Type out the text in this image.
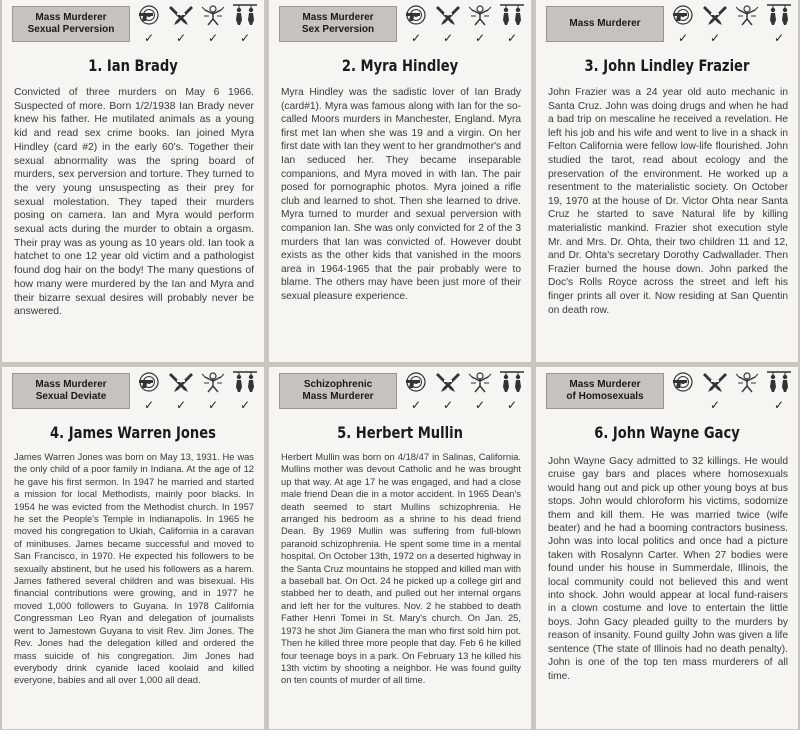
Mass Murderer
Sexual Perversion
✓ ✓ ✓ ✓
1. Ian Brady
Convicted of three murders on May 6 1966. Suspected of more. Born 1/2/1938 Ian Brady never knew his father. He mutilated animals as a young kid and read sex crime books. Ian joined Myra Hindley (card #2) in the early 60's. Together their sexual abnormality was the spring board of murders, sex perversion and torture. They turned to the very young unsuspecting as their prey for sexual molestation. They taped their murders posing on camera. Ian and Myra would perform sexual acts during the murder to obtain a orgasm. Their pray was as young as 10 years old. Ian took a hatchet to one 12 year old victim and a pathologist found dog hair on the body! The many questions of how many were murdered by the Ian and Myra and their bizarre sexual desires will probably never be answered.
Mass Murderer
Sex Perversion
✓ ✓ ✓ ✓
2. Myra Hindley
Myra Hindley was the sadistic lover of Ian Brady (card#1). Myra was famous along with Ian for the so-called Moors murders in Manchester, England. Myra first met Ian when she was 19 and a virgin. On her first date with Ian they went to her grandmother's and Ian seduced her. They became inseparable companions, and Myra moved in with Ian. The pair posed for pornographic photos. Myra joined a rifle club and learned to shot. Then she learned to drive. Myra turned to murder and sexual perversion with companion Ian. She was only convicted for 2 of the 3 murders that Ian was convicted of. However doubt exists as the other kids that vanished in the moors area in 1964-1965 that the pair probably were to blame. The others may have been just more of their sexual pleasure experience.
Mass Murderer
✓ ✓	✓
3. John Lindley Frazier
John Frazier was a 24 year old auto mechanic in Santa Cruz. John was doing drugs and when he had a bad trip on mescaline he received a revelation. He left his job and his wife and went to live in a shack in Felton California were fellow low-life flourished. John studied the tarot, read about ecology and the preservation of the environment. He worked up a resentment to the materialistic society. On October 19, 1970 at the house of Dr. Victor Ohta near Santa Cruz he started to save Natural life by killing materialistic mankind. Frazier shot execution style Mr. and Mrs. Dr. Ohta, their two children 11 and 12, and Dr. Ohta's secretary Dorothy Cadwallader. Then Frazier burned the house down. John parked the Doc's Rolls Royce across the street and left his finger prints all over it. Now residing at San Quentin on death row.
Mass Murderer
Sexual Deviate
✓ ✓ ✓ ✓
4. James Warren Jones
James Warren Jones was born on May 13, 1931. He was the only child of a poor family in Indiana. At the age of 12 he gave his first sermon. In 1947 he married and started a mission for local Methodists, mainly poor blacks. In 1954 he was evicted from the Methodist church. In 1957 he set the People's Temple in Indianapolis. In 1965 he moved his congregation to Ukiah, California in a caravan of minibuses. James became successful and moved to San Francisco, in 1970. He expected his followers to be sexually abstinent, but he used his followers as a harem. James fathered several children and was bisexual. His financial contributions were growing, and in 1977 he moved 1,000 followers to Guyana. In 1978 California Congressman Leo Ryan and delegation of journalists went to Jamestown Guyana to visit Rev. Jim Jones. The Rev. Jones had the delegation killed and ordered the mass suicide of his congregation. Jim Jones had everybody drink cyanide laced koolaid and killed everyone, babies and all over 1,000 all dead.
Schizophrenic
Mass Murderer
✓ ✓ ✓ ✓
5. Herbert Mullin
Herbert Mullin was born on 4/18/47 in Salinas, California. Mullins mother was devout Catholic and he was brought up that way. At age 17 he was engaged, and had a close male friend Dean die in a motor accident. In 1965 Dean's death seemed to start Mullins schizophrenia. He arranged his bedroom as a shrine to his dead friend Dean. By 1969 Mullin was suffering from full-blown paranoid schizophrenia. He spent some time in a mental hospital. On October 13th, 1972 on a deserted highway in the Santa Cruz mountains he stopped and killed man with a baseball bat. On Oct. 24 he picked up a college girl and stabbed her to death, and pulled out her internal organs and left her for the vultures. Nov. 2 he stabbed to death Father Henri Tomei in St. Mary's church. On Jan. 25, 1973 he shot Jim Gianera the man who first sold him pot. Then he killed three more people that day. Feb 6 he killed four teenage boys in a park. On February 13 he killed his 13th victim by shooting a neighbor. He was found guilty on ten counts of murder of all time.
Mass Murderer
of Homosexuals
✓	✓
6. John Wayne Gacy
John Wayne Gacy admitted to 32 killings. He would cruise gay bars and places where homosexuals would hang out and pick up other young boys at bus stops. John would chloroform his victims, sodomize them and kill them. He was married twice (wife beater) and he had a booming contractors business. John was into local politics and once had a picture taken with Rosalynn Carter. When 27 bodies were found under his house in Summerdale, Illinois, the local community could not believed this and went into shock. John would appear at local fund-raisers in a clown costume and love to entertain the little boys. John Gacy pleaded guilty to the murders by reason of insanity. Found guilty John was given a life sentence (The state of Illinois had no death penalty). John is one of the top ten mass murderers of all time.
